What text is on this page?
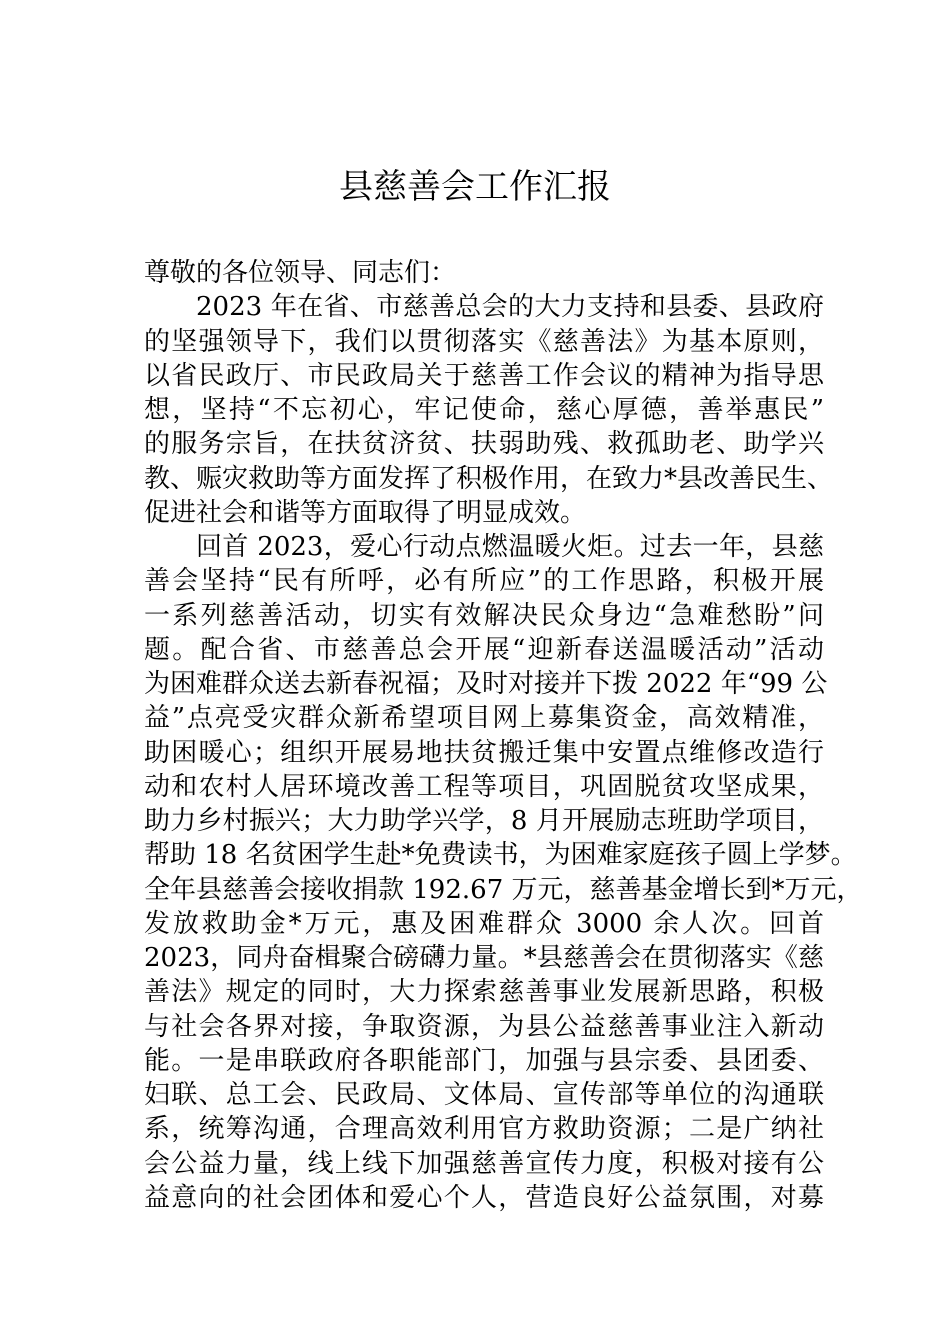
县慈善会工作汇报
尊敬的各位领导、同志们：
2023 年在省、市慈善总会的大力支持和县委、县政府
的坚强领导下，我们以贯彻落实《慈善法》为基本原则，
以省民政厅、市民政局关于慈善工作会议的精神为指导思
想，坚持“不忘初心，牢记使命，慈心厚德，善举惠民”
的服务宗旨，在扶贫济贫、扶弱助残、救孤助老、助学兴
教、赈灾救助等方面发挥了积极作用，在致力*县改善民生、
促进社会和谐等方面取得了明显成效。
回首 2023，爱心行动点燃温暖火炬。过去一年，县慈
善会坚持“民有所呼，必有所应”的工作思路，积极开展
一系列慈善活动，切实有效解决民众身边“急难愁盼”问
题。配合省、市慈善总会开展“迎新春送温暖活动”活动
为困难群众送去新春祝福；及时对接并下拨 2022 年“99 公
益”点亮受灾群众新希望项目网上募集资金，高效精准，
助困暖心；组织开展易地扶贫搬迁集中安置点维修改造行
动和农村人居环境改善工程等项目，巩固脱贫攻坚成果，
助力乡村振兴；大力助学兴学，8 月开展励志班助学项目，
帮助 18 名贫困学生赴*免费读书，为困难家庭孩子圆上学梦。
全年县慈善会接收捐款 192.67 万元，慈善基金增长到*万元，
发放救助金*万元，惠及困难群众 3000 余人次。回首
2023，同舟奋楫聚合磅礴力量。*县慈善会在贯彻落实《慈
善法》规定的同时，大力探索慈善事业发展新思路，积极
与社会各界对接，争取资源，为县公益慈善事业注入新动
能。一是串联政府各职能部门，加强与县宗委、县团委、
妇联、总工会、民政局、文体局、宣传部等单位的沟通联
系，统筹沟通，合理高效利用官方救助资源；二是广纳社
会公益力量，线上线下加强慈善宣传力度，积极对接有公
益意向的社会团体和爱心个人，营造良好公益氛围，对募
